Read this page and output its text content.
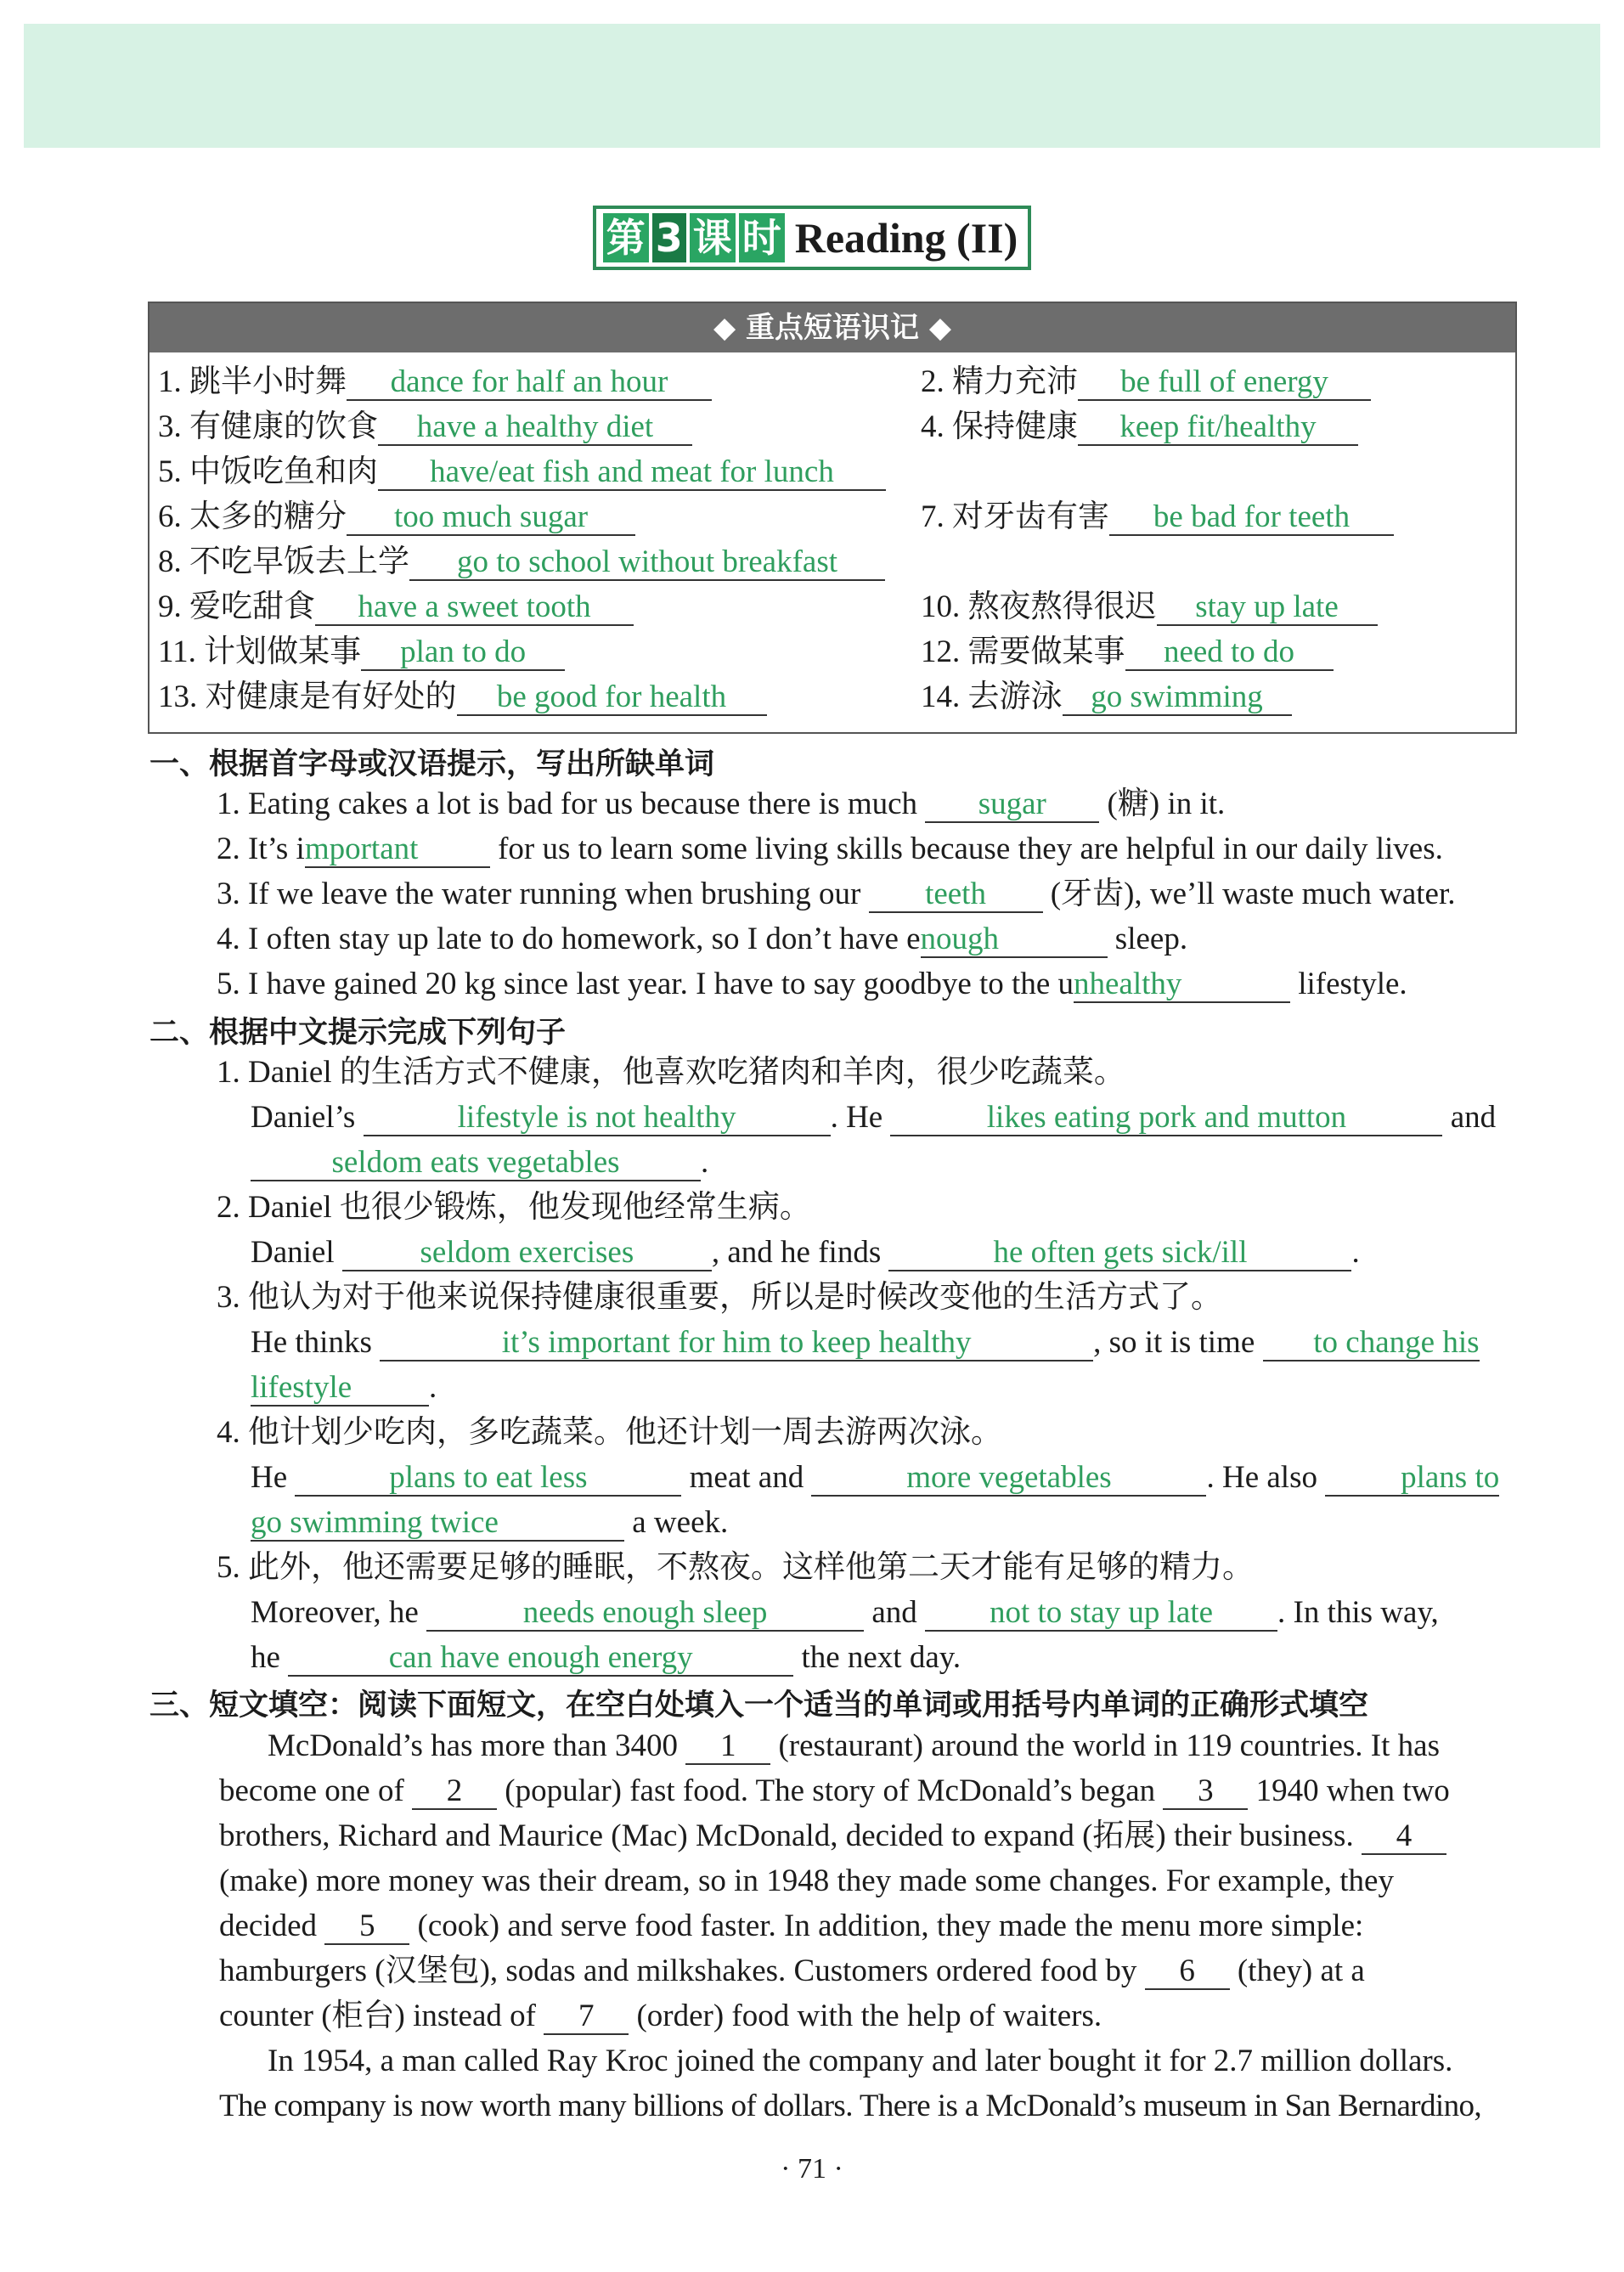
第 3 课 时 Reading (II)
◆ 重点短语识记 ◆
1. 跳半小时舞 dance for half an hour	2. 精力充沛 be full of energy
3. 有健康的饮食 have a healthy diet	4. 保持健康 keep fit/healthy
5. 中饭吃鱼和肉 have/eat fish and meat for lunch
6. 太多的糖分 too much sugar	7. 对牙齿有害 be bad for teeth
8. 不吃早饭去上学 go to school without breakfast
9. 爱吃甜食 have a sweet tooth	10. 熬夜熬得很迟 stay up late
11. 计划做某事 plan to do	12. 需要做某事 need to do
13. 对健康是有好处的 be good for health	14. 去游泳 go swimming
一、根据首字母或汉语提示，写出所缺单词
1. Eating cakes a lot is bad for us because there is much sugar (糖) in it.
2. It’s important for us to learn some living skills because they are helpful in our daily lives.
3. If we leave the water running when brushing our teeth (牙齿), we’ll waste much water.
4. I often stay up late to do homework, so I don’t have enough	sleep.
5. I have gained 20 kg since last year. I have to say goodbye to the unhealthy	lifestyle.
二、根据中文提示完成下列句子
1. Daniel 的生活方式不健康，他喜欢吃猪肉和羊肉，很少吃蔬菜。
Daniel’s	lifestyle is not healthy	. He	likes eating pork and mutton	and
seldom eats vegetables	.
2. Daniel 也很少锻炼，他发现他经常生病。
Daniel	seldom exercises , and he finds	he often gets sick/ill	.
3. 他认为对于他来说保持健康很重要，所以是时候改变他的生活方式了。
He thinks	it’s important for him to keep healthy	, so it is time to change his
lifestyle .
4. 他计划少吃肉，多吃蔬菜。他还计划一周去游两次泳。
He	plans to eat less	meat and	more vegetables	. He also	plans to
go swimming twice	a week.
5. 此外，他还需要足够的睡眠，不熬夜。这样他第二天才能有足够的精力。
Moreover, he	needs enough sleep	and not to stay up late . In this way,
he	can have enough energy	the next day.
三、短文填空：阅读下面短文，在空白处填入一个适当的单词或用括号内单词的正确形式填空
McDonald’s has more than 3400 1 (restaurant) around the world in 119 countries. It has
become one of 2 (popular) fast food. The story of McDonald’s began 3 1940 when two
brothers, Richard and Maurice (Mac) McDonald, decided to expand (拓展) their business. 4
(make) more money was their dream, so in 1948 they made some changes. For example, they
decided 5 (cook) and serve food faster. In addition, they made the menu more simple:
hamburgers (汉堡包), sodas and milkshakes. Customers ordered food by 6 (they) at a
counter (柜台) instead of 7 (order) food with the help of waiters.
In 1954, a man called Ray Kroc joined the company and later bought it for 2.7 million dollars.
The company is now worth many billions of dollars. There is a McDonald’s museum in San Bernardino,
· 71 ·
